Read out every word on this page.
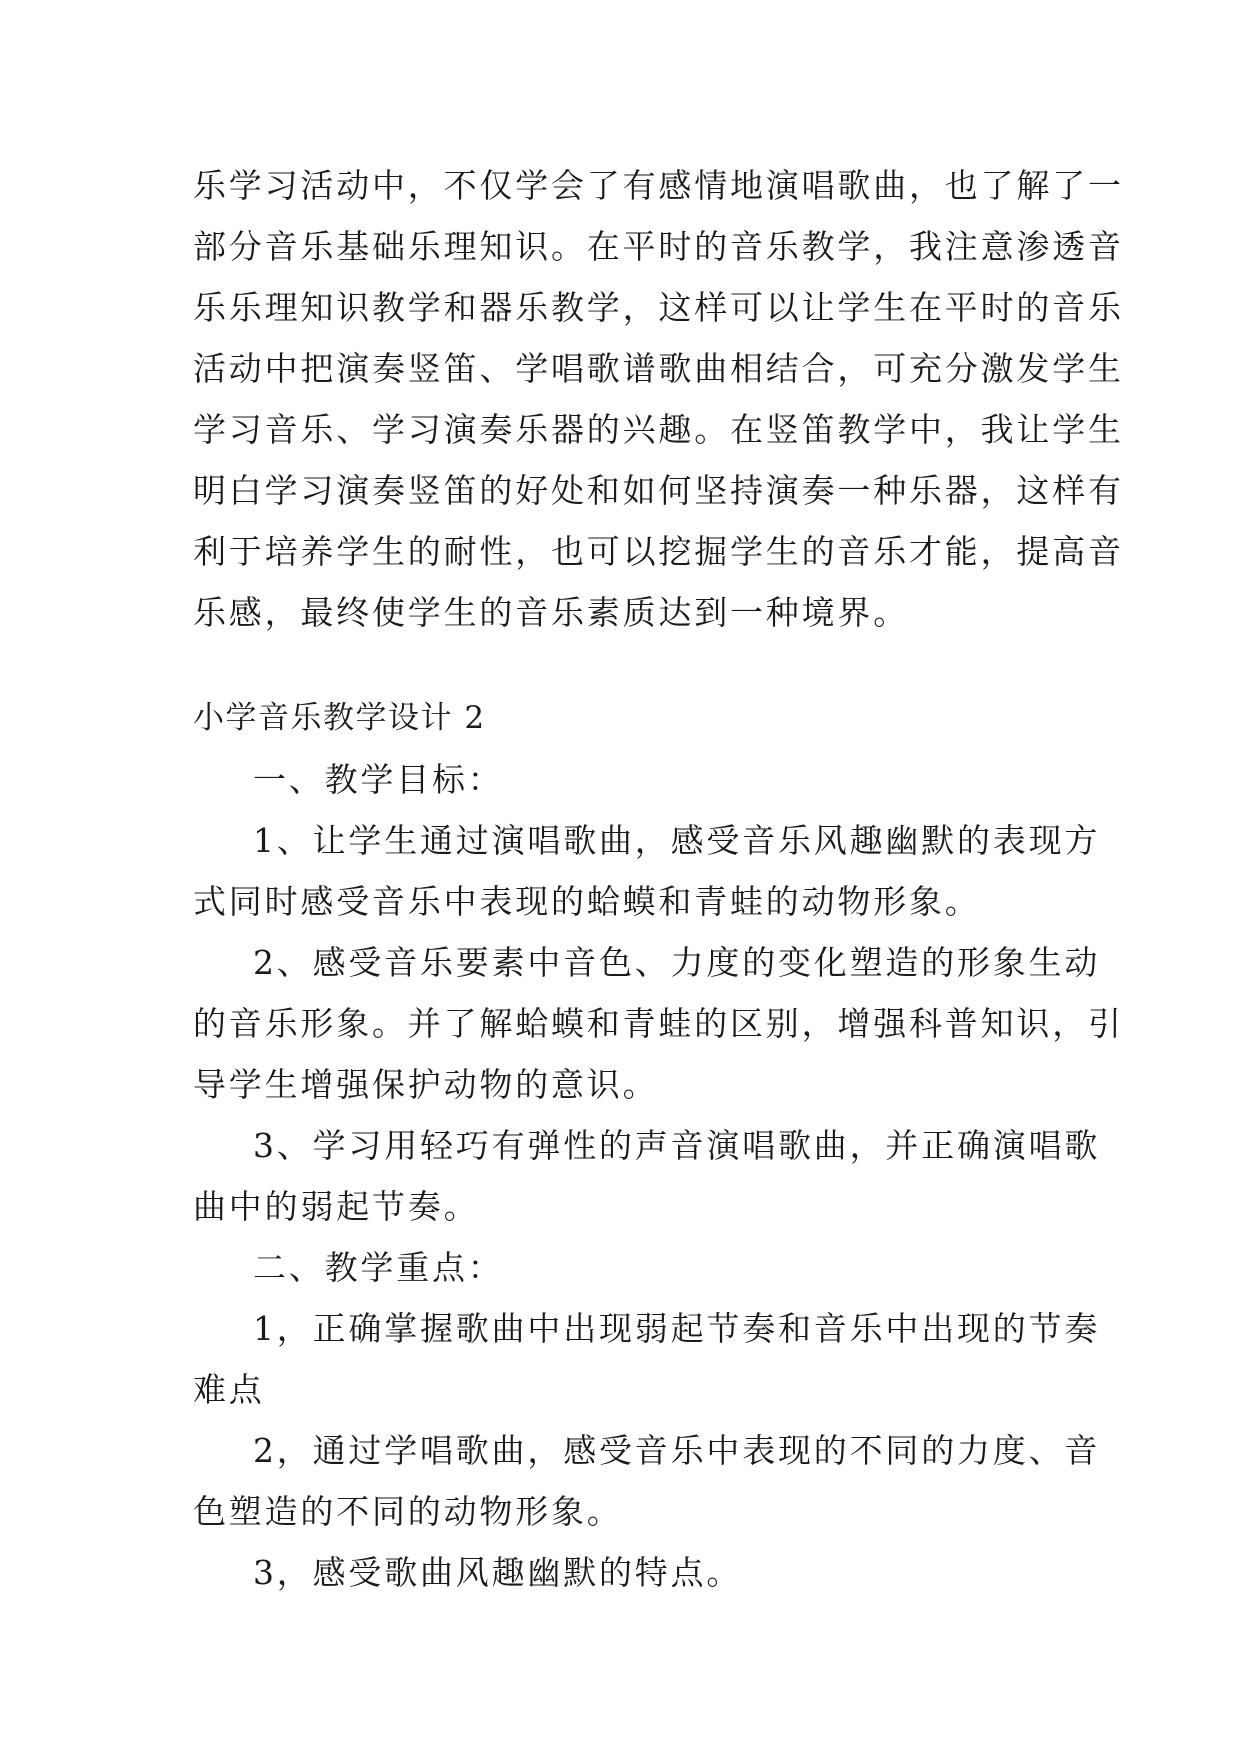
乐学习活动中，不仅学会了有感情地演唱歌曲，也了解了一
部分音乐基础乐理知识。在平时的音乐教学，我注意渗透音
乐乐理知识教学和器乐教学，这样可以让学生在平时的音乐
活动中把演奏竖笛、学唱歌谱歌曲相结合，可充分激发学生
学习音乐、学习演奏乐器的兴趣。在竖笛教学中，我让学生
明白学习演奏竖笛的好处和如何坚持演奏一种乐器，这样有
利于培养学生的耐性，也可以挖掘学生的音乐才能，提高音
乐感，最终使学生的音乐素质达到一种境界。
小学音乐教学设计 2
一、教学目标：
1、让学生通过演唱歌曲，感受音乐风趣幽默的表现方
式同时感受音乐中表现的蛤蟆和青蛙的动物形象。
2、感受音乐要素中音色、力度的变化塑造的形象生动
的音乐形象。并了解蛤蟆和青蛙的区别，增强科普知识，引
导学生增强保护动物的意识。
3、学习用轻巧有弹性的声音演唱歌曲，并正确演唱歌
曲中的弱起节奏。
二、教学重点：
1，正确掌握歌曲中出现弱起节奏和音乐中出现的节奏
难点
2，通过学唱歌曲，感受音乐中表现的不同的力度、音
色塑造的不同的动物形象。
3，感受歌曲风趣幽默的特点。
